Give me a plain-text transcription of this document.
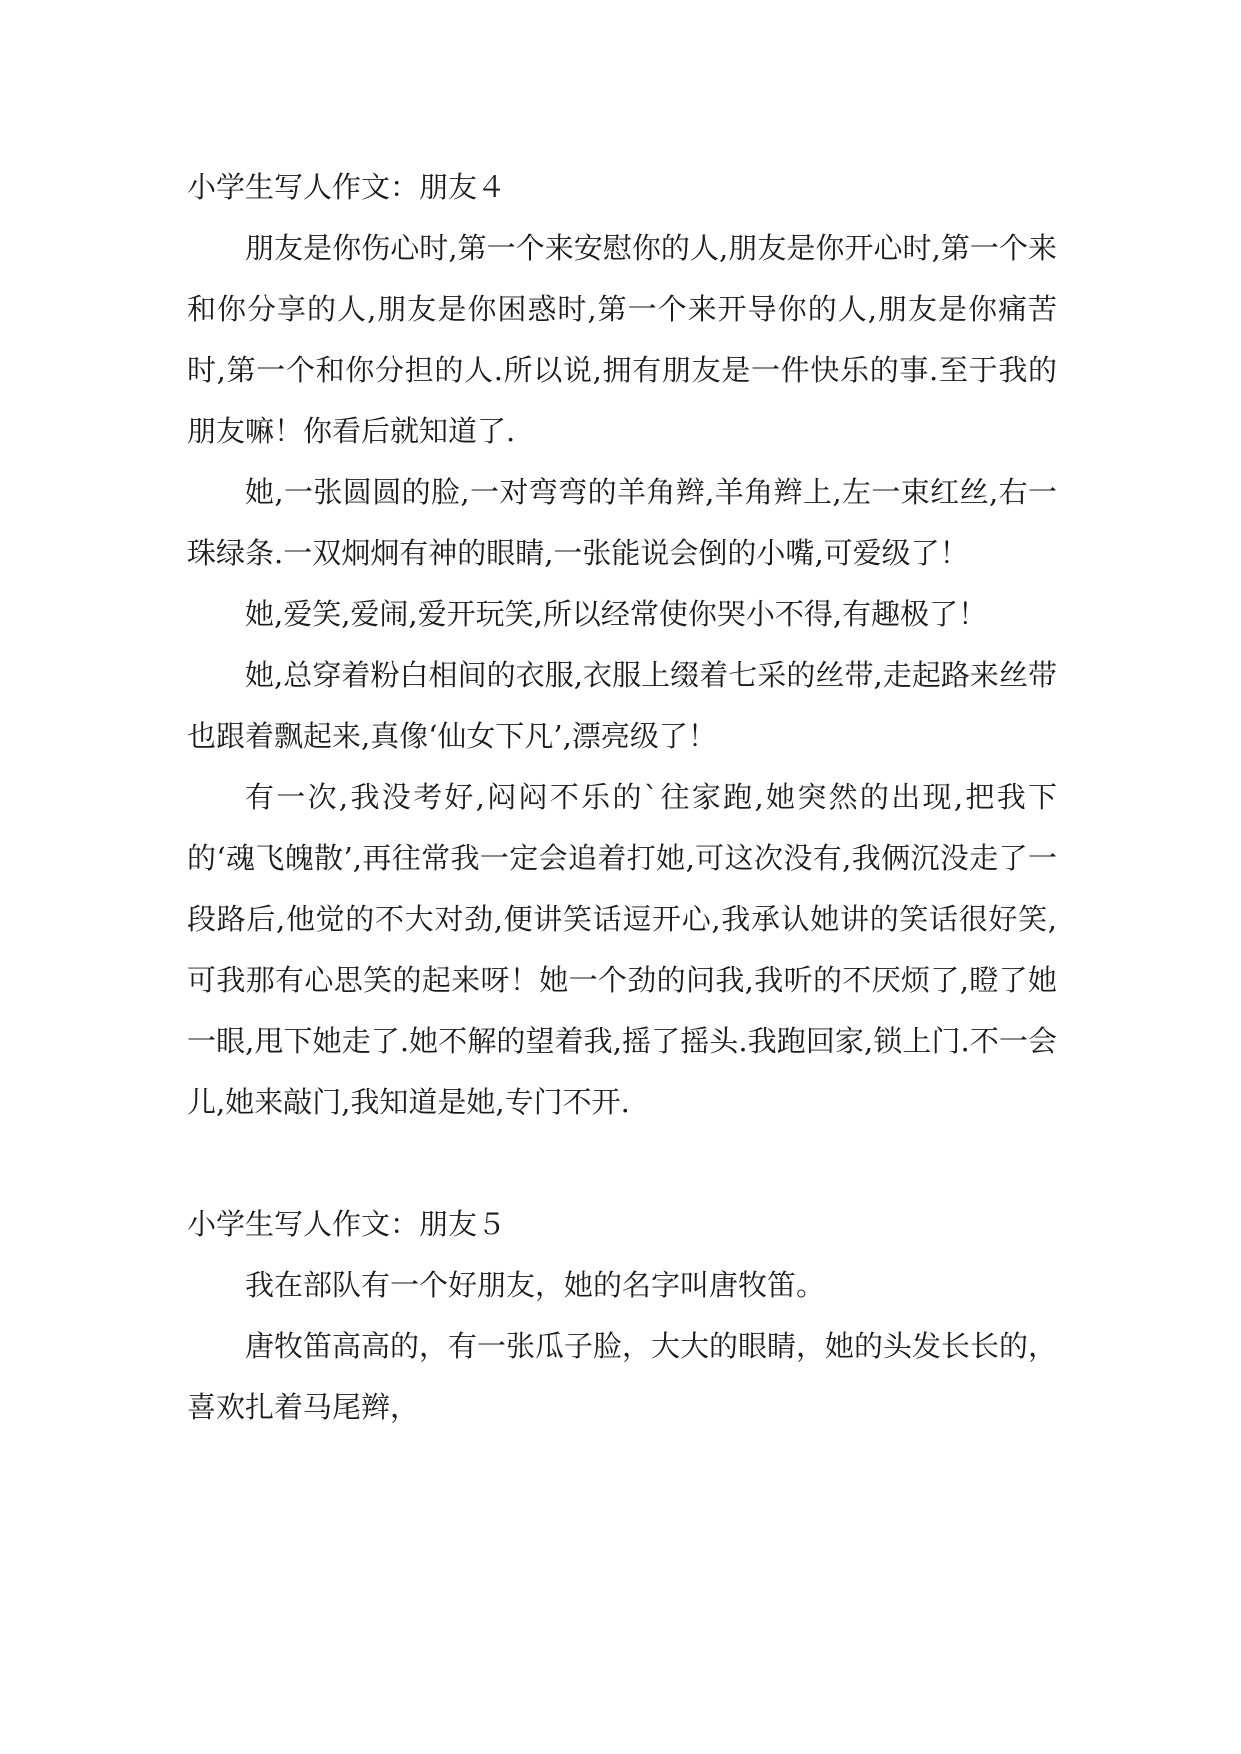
小学生写人作文：朋友４

朋友是你伤心时,第一个来安慰你的人,朋友是你开心时,第一个来和你分享的人,朋友是你困惑时,第一个来开导你的人,朋友是你痛苦时,第一个和你分担的人.所以说,拥有朋友是一件快乐的事.至于我的朋友嘛！你看后就知道了.

她,一张圆圆的脸,一对弯弯的羊角辫,羊角辫上,左一束红丝,右一珠绿条.一双炯炯有神的眼睛,一张能说会倒的小嘴,可爱级了！

她,爱笑,爱闹,爱开玩笑,所以经常使你哭小不得,有趣极了！

她,总穿着粉白相间的衣服,衣服上缀着七采的丝带,走起路来丝带也跟着飘起来,真像‘仙女下凡’,漂亮级了！

有一次,我没考好,闷闷不乐的`往家跑,她突然的出现,把我下的‘魂飞魄散’,再往常我一定会追着打她,可这次没有,我俩沉没走了一段路后,他觉的不大对劲,便讲笑话逗开心,我承认她讲的笑话很好笑,可我那有心思笑的起来呀！她一个劲的问我,我听的不厌烦了,瞪了她一眼,甩下她走了.她不解的望着我,摇了摇头.我跑回家,锁上门.不一会儿,她来敲门,我知道是她,专门不开.

小学生写人作文：朋友５

我在部队有一个好朋友，她的名字叫唐牧笛。

唐牧笛高高的，有一张瓜子脸，大大的眼睛，她的头发长长的，喜欢扎着马尾辫，
